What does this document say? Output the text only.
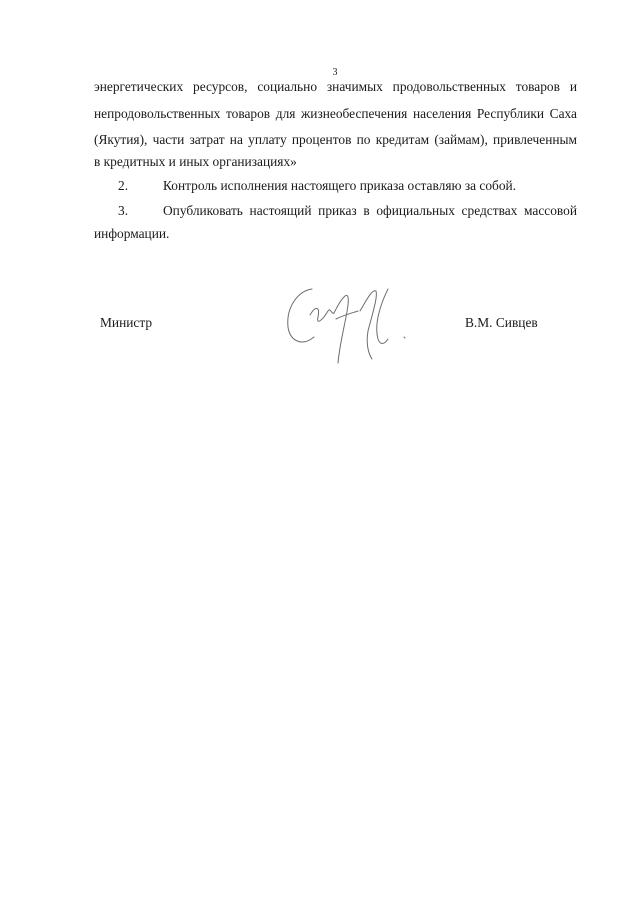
3
энергетических ресурсов, социально значимых продовольственных товаров и
непродовольственных товаров для жизнеобеспечения населения Республики Саха
(Якутия), части затрат на уплату процентов по кредитам (займам), привлеченным
в кредитных и иных организациях»
2.	Контроль исполнения настоящего приказа оставляю за собой.
3.	Опубликовать настоящий приказ в официальных средствах массовой
информации.
Министр	В.М. Сивцев
